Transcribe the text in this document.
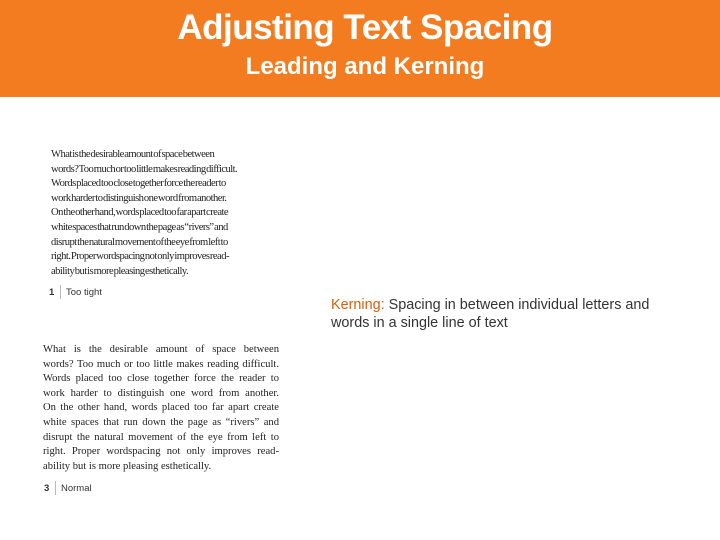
Adjusting Text Spacing
Leading and Kerning
What is the desirable amount of space between
words? Too much or too little makes reading difficult.
Words placed too close together force the reader to
work harder to distinguish one word from another.
On the other hand, words placed too far apart create
white spaces that run down the page as “rivers” and
disrupt the natural movement of the eye from left to
right. Proper wordspacing not only improves read-
ability but is more pleasing esthetically.
1	Too tight
What is the desirable amount of space between
words? Too much or too little makes reading difficult.
Words placed too close together force the reader to
work harder to distinguish one word from another.
On the other hand, words placed too far apart create
white spaces that run down the page as “rivers” and
disrupt the natural movement of the eye from left to
right. Proper wordspacing not only improves read-
ability but is more pleasing esthetically.
3	Normal
Kerning: Spacing in between individual letters and words in a single line of text
